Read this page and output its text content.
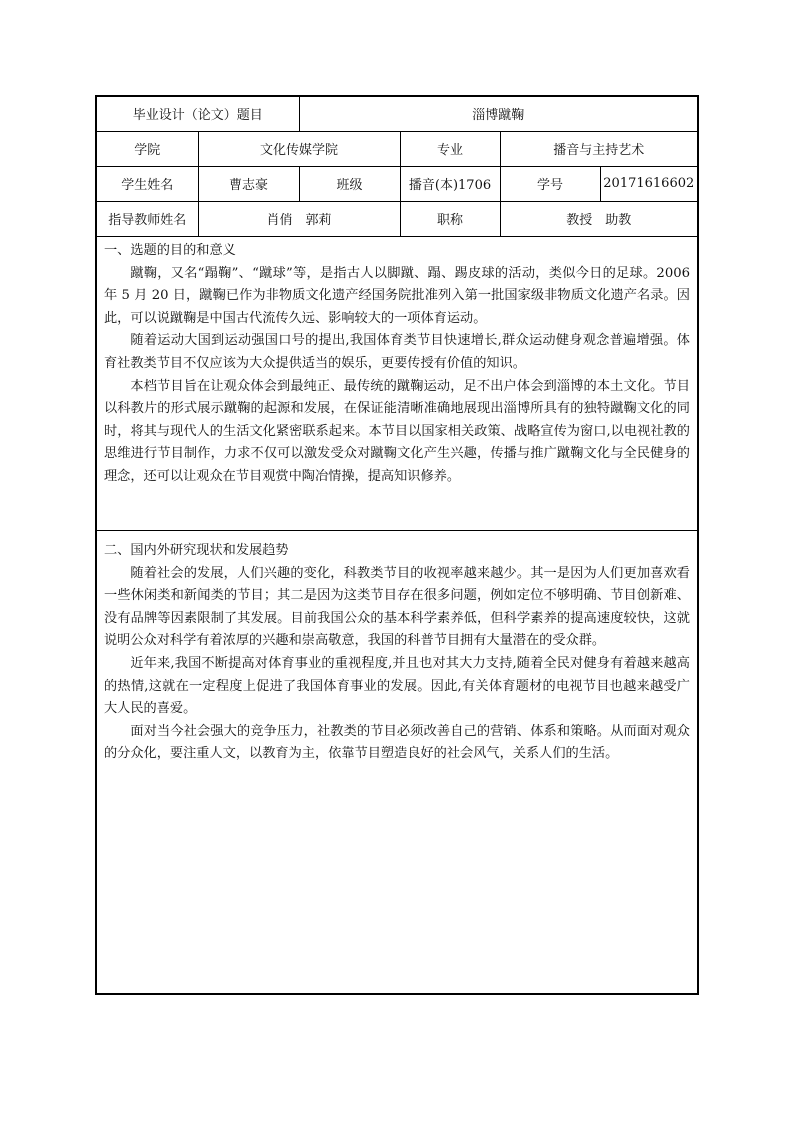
毕业设计（论文）题目		淄博蹴鞠			
学院	文化传媒学院		专业	播音与主持艺术	
学生姓名	曹志豪	班级	播音(本)1706	学号	20171616602
指导教师姓名	肖俏　郭莉		职称	教授　助教	
一、选题的目的和意义

蹴鞠，又名“蹋鞠”、“蹴球”等，是指古人以脚蹴、蹋、踢皮球的活动，类似今日的足球。2006年 5 月 20 日，蹴鞠已作为非物质文化遗产经国务院批准列入第一批国家级非物质文化遗产名录。因此，可以说蹴鞠是中国古代流传久远、影响较大的一项体育运动。

随着运动大国到运动强国口号的提出,我国体育类节目快速增长,群众运动健身观念普遍增强。体育社教类节目不仅应该为大众提供适当的娱乐，更要传授有价值的知识。

本档节目旨在让观众体会到最纯正、最传统的蹴鞠运动，足不出户体会到淄博的本土文化。节目以科教片的形式展示蹴鞠的起源和发展，在保证能清晰准确地展现出淄博所具有的独特蹴鞠文化的同时，将其与现代人的生活文化紧密联系起来。本节目以国家相关政策、战略宣传为窗口,以电视社教的思维进行节目制作，力求不仅可以激发受众对蹴鞠文化产生兴趣，传播与推广蹴鞠文化与全民健身的理念，还可以让观众在节目观赏中陶冶情操，提高知识修养。

二、国内外研究现状和发展趋势

随着社会的发展，人们兴趣的变化，科教类节目的收视率越来越少。其一是因为人们更加喜欢看一些休闲类和新闻类的节目；其二是因为这类节目存在很多问题，例如定位不够明确、节目创新难、没有品牌等因素限制了其发展。目前我国公众的基本科学素养低，但科学素养的提高速度较快，这就说明公众对科学有着浓厚的兴趣和崇高敬意，我国的科普节目拥有大量潜在的受众群。

近年来,我国不断提高对体育事业的重视程度,并且也对其大力支持,随着全民对健身有着越来越高的热情,这就在一定程度上促进了我国体育事业的发展。因此,有关体育题材的电视节目也越来越受广大人民的喜爱。

面对当今社会强大的竞争压力，社教类的节目必须改善自己的营销、体系和策略。从而面对观众的分众化，要注重人文，以教育为主，依靠节目塑造良好的社会风气，关系人们的生活。
